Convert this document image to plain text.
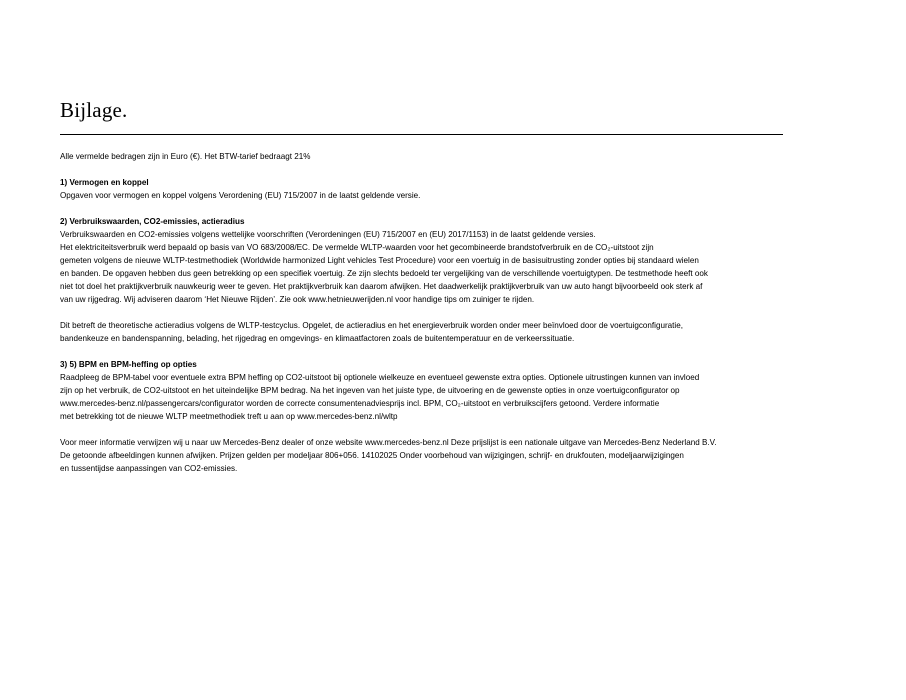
Bijlage.

Alle vermelde bedragen zijn in Euro (€). Het BTW-tarief bedraagt 21%

1) Vermogen en koppel

Opgaven voor vermogen en koppel volgens Verordening (EU) 715/2007 in de laatst geldende versie.

2) Verbruikswaarden, CO2-emissies, actieradius

Verbruikswaarden en CO2-emissies volgens wettelijke voorschriften (Verordeningen (EU) 715/2007 en (EU) 2017/1153) in de laatst geldende versies.

Het elektriciteitsverbruik werd bepaald op basis van VO 683/2008/EC. De vermelde WLTP-waarden voor het gecombineerde brandstofverbruik en de CO₂-uitstoot zijn

gemeten volgens de nieuwe WLTP-testmethodiek (Worldwide harmonized Light vehicles Test Procedure) voor een voertuig in de basisuitrusting zonder opties bij standaard wielen

en banden. De opgaven hebben dus geen betrekking op een specifiek voertuig. Ze zijn slechts bedoeld ter vergelijking van de verschillende voertuigtypen. De testmethode heeft ook

niet tot doel het praktijkverbruik nauwkeurig weer te geven. Het praktijkverbruik kan daarom afwijken. Het daadwerkelijk praktijkverbruik van uw auto hangt bijvoorbeeld ook sterk af

van uw rijgedrag. Wij adviseren daarom ‘Het Nieuwe Rijden’. Zie ook www.hetnieuwerijden.nl voor handige tips om zuiniger te rijden.

Dit betreft de theoretische actieradius volgens de WLTP-testcyclus. Opgelet, de actieradius en het energieverbruik worden onder meer beïnvloed door de voertuigconfiguratie,

bandenkeuze en bandenspanning, belading, het rijgedrag en omgevings- en klimaatfactoren zoals de buitentemperatuur en de verkeerssituatie.

3) 5) BPM en BPM-heffing op opties

Raadpleeg de BPM-tabel voor eventuele extra BPM heffing op CO2-uitstoot bij optionele wielkeuze en eventueel gewenste extra opties. Optionele uitrustingen kunnen van invloed

zijn op het verbruik, de CO2-uitstoot en het uiteindelijke BPM bedrag. Na het ingeven van het juiste type, de uitvoering en de gewenste opties in onze voertuigconfigurator op

www.mercedes-benz.nl/passengercars/configurator worden de correcte consumentenadviesprijs incl. BPM, CO₂-uitstoot en verbruikscijfers getoond. Verdere informatie

met betrekking tot de nieuwe WLTP meetmethodiek treft u aan op www.mercedes-benz.nl/wltp

Voor meer informatie verwijzen wij u naar uw Mercedes-Benz dealer of onze website www.mercedes-benz.nl Deze prijslijst is een nationale uitgave van Mercedes-Benz Nederland B.V.

De getoonde afbeeldingen kunnen afwijken. Prijzen gelden per modeljaar 806+056. 14102025 Onder voorbehoud van wijzigingen, schrijf- en drukfouten, modeljaarwijzigingen

en tussentijdse aanpassingen van CO2-emissies.
